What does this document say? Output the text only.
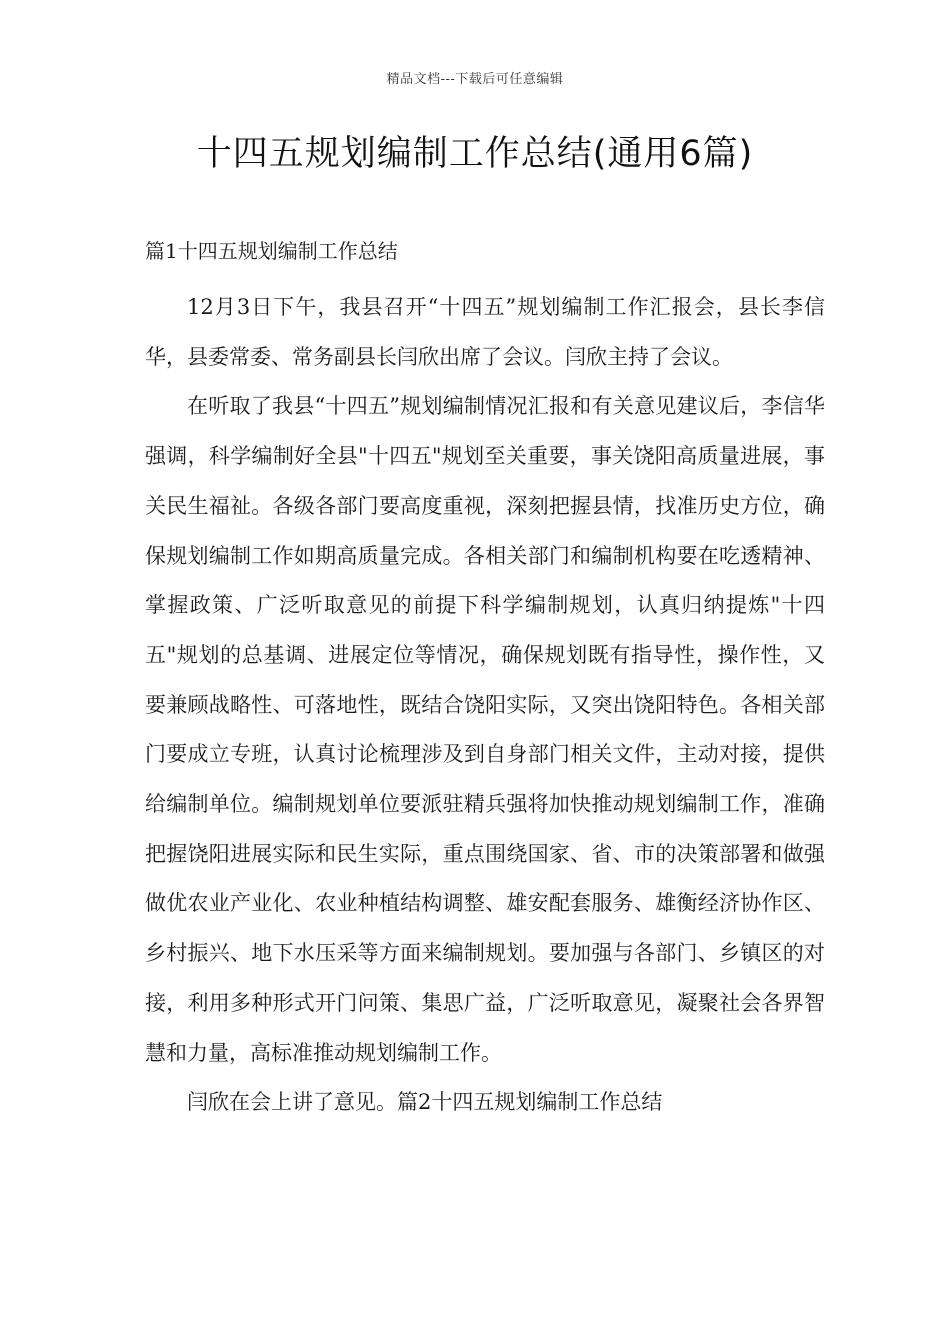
精品文档---下载后可任意编辑
十四五规划编制工作总结(通用6篇)
篇1十四五规划编制工作总结

12月3日下午，我县召开“十四五”规划编制工作汇报会，县长李信华，县委常委、常务副县长闫欣出席了会议。闫欣主持了会议。

在听取了我县“十四五”规划编制情况汇报和有关意见建议后，李信华强调，科学编制好全县"十四五"规划至关重要，事关饶阳高质量进展，事关民生福祉。各级各部门要高度重视，深刻把握县情，找准历史方位，确保规划编制工作如期高质量完成。各相关部门和编制机构要在吃透精神、掌握政策、广泛听取意见的前提下科学编制规划，认真归纳提炼"十四五"规划的总基调、进展定位等情况，确保规划既有指导性，操作性，又要兼顾战略性、可落地性，既结合饶阳实际，又突出饶阳特色。各相关部门要成立专班，认真讨论梳理涉及到自身部门相关文件，主动对接，提供给编制单位。编制规划单位要派驻精兵强将加快推动规划编制工作，准确把握饶阳进展实际和民生实际，重点围绕国家、省、市的决策部署和做强做优农业产业化、农业种植结构调整、雄安配套服务、雄衡经济协作区、乡村振兴、地下水压采等方面来编制规划。要加强与各部门、乡镇区的对接，利用多种形式开门问策、集思广益，广泛听取意见，凝聚社会各界智慧和力量，高标准推动规划编制工作。

闫欣在会上讲了意见。篇2十四五规划编制工作总结
